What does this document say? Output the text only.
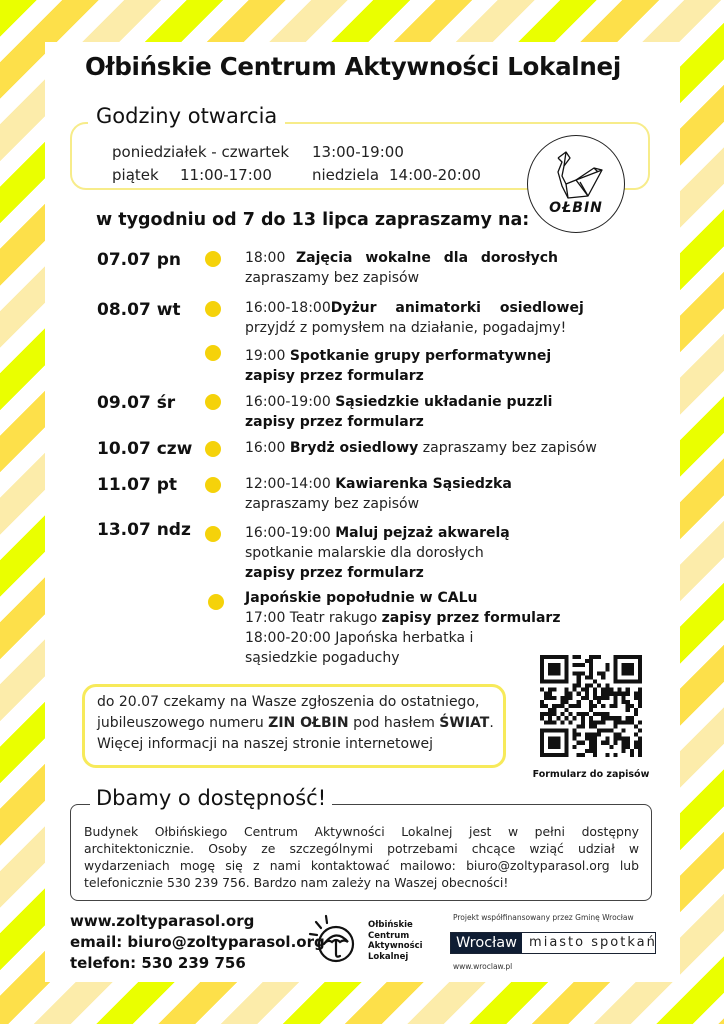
Ołbińskie Centrum Aktywności Lokalnej
Godziny otwarcia
poniedziałek - czwartek 13:00-19:00
piątek 11:00-17:00	niedziela 14:00-20:00
OŁBIN
w tygodniu od 7 do 13 lipca zapraszamy na:
07.07 pn	18:00 Zajęcia wokalne dla dorosłych
zapraszamy bez zapisów
08.07 wt	16:00-18:00 Dyżur animatorki osiedlowej
przyjdź z pomysłem na działanie, pogadajmy!
19:00 Spotkanie grupy performatywnej
zapisy przez formularz
09.07 śr	16:00-19:00 Sąsiedzkie układanie puzzli
zapisy przez formularz
10.07 czw	16:00 Brydż osiedlowy zapraszamy bez zapisów
11.07 pt	12:00-14:00 Kawiarenka Sąsiedzka
zapraszamy bez zapisów
13.07 ndz	16:00-19:00 Maluj pejzaż akwarelą
spotkanie malarskie dla dorosłych
zapisy przez formularz
Japońskie popołudnie w CALu
17:00 Teatr rakugo zapisy przez formularz
18:00-20:00 Japońska herbatka i
sąsiedzkie pogaduchy
do 20.07 czekamy na Wasze zgłoszenia do ostatniego,
jubileuszowego numeru ZIN OŁBIN pod hasłem ŚWIAT.
Więcej informacji na naszej stronie internetowej
Formularz do zapisów
Dbamy o dostępność!
Budynek Ołbińskiego Centrum Aktywności Lokalnej jest w pełni dostępny architektonicznie. Osoby ze szczególnymi potrzebami chcące wziąć udział w wydarzeniach mogę się z nami kontaktować mailowo: biuro@zoltyparasol.org lub telefonicznie 530 239 756. Bardzo nam zależy na Waszej obecności!
www.zoltyparasol.org
email: biuro@zoltyparasol.org
telefon: 530 239 756
Ołbińskie
Centrum
Aktywności
Lokalnej
Projekt współfinansowany przez Gminę Wrocław
Wrocław miasto spotkań
www.wroclaw.pl
